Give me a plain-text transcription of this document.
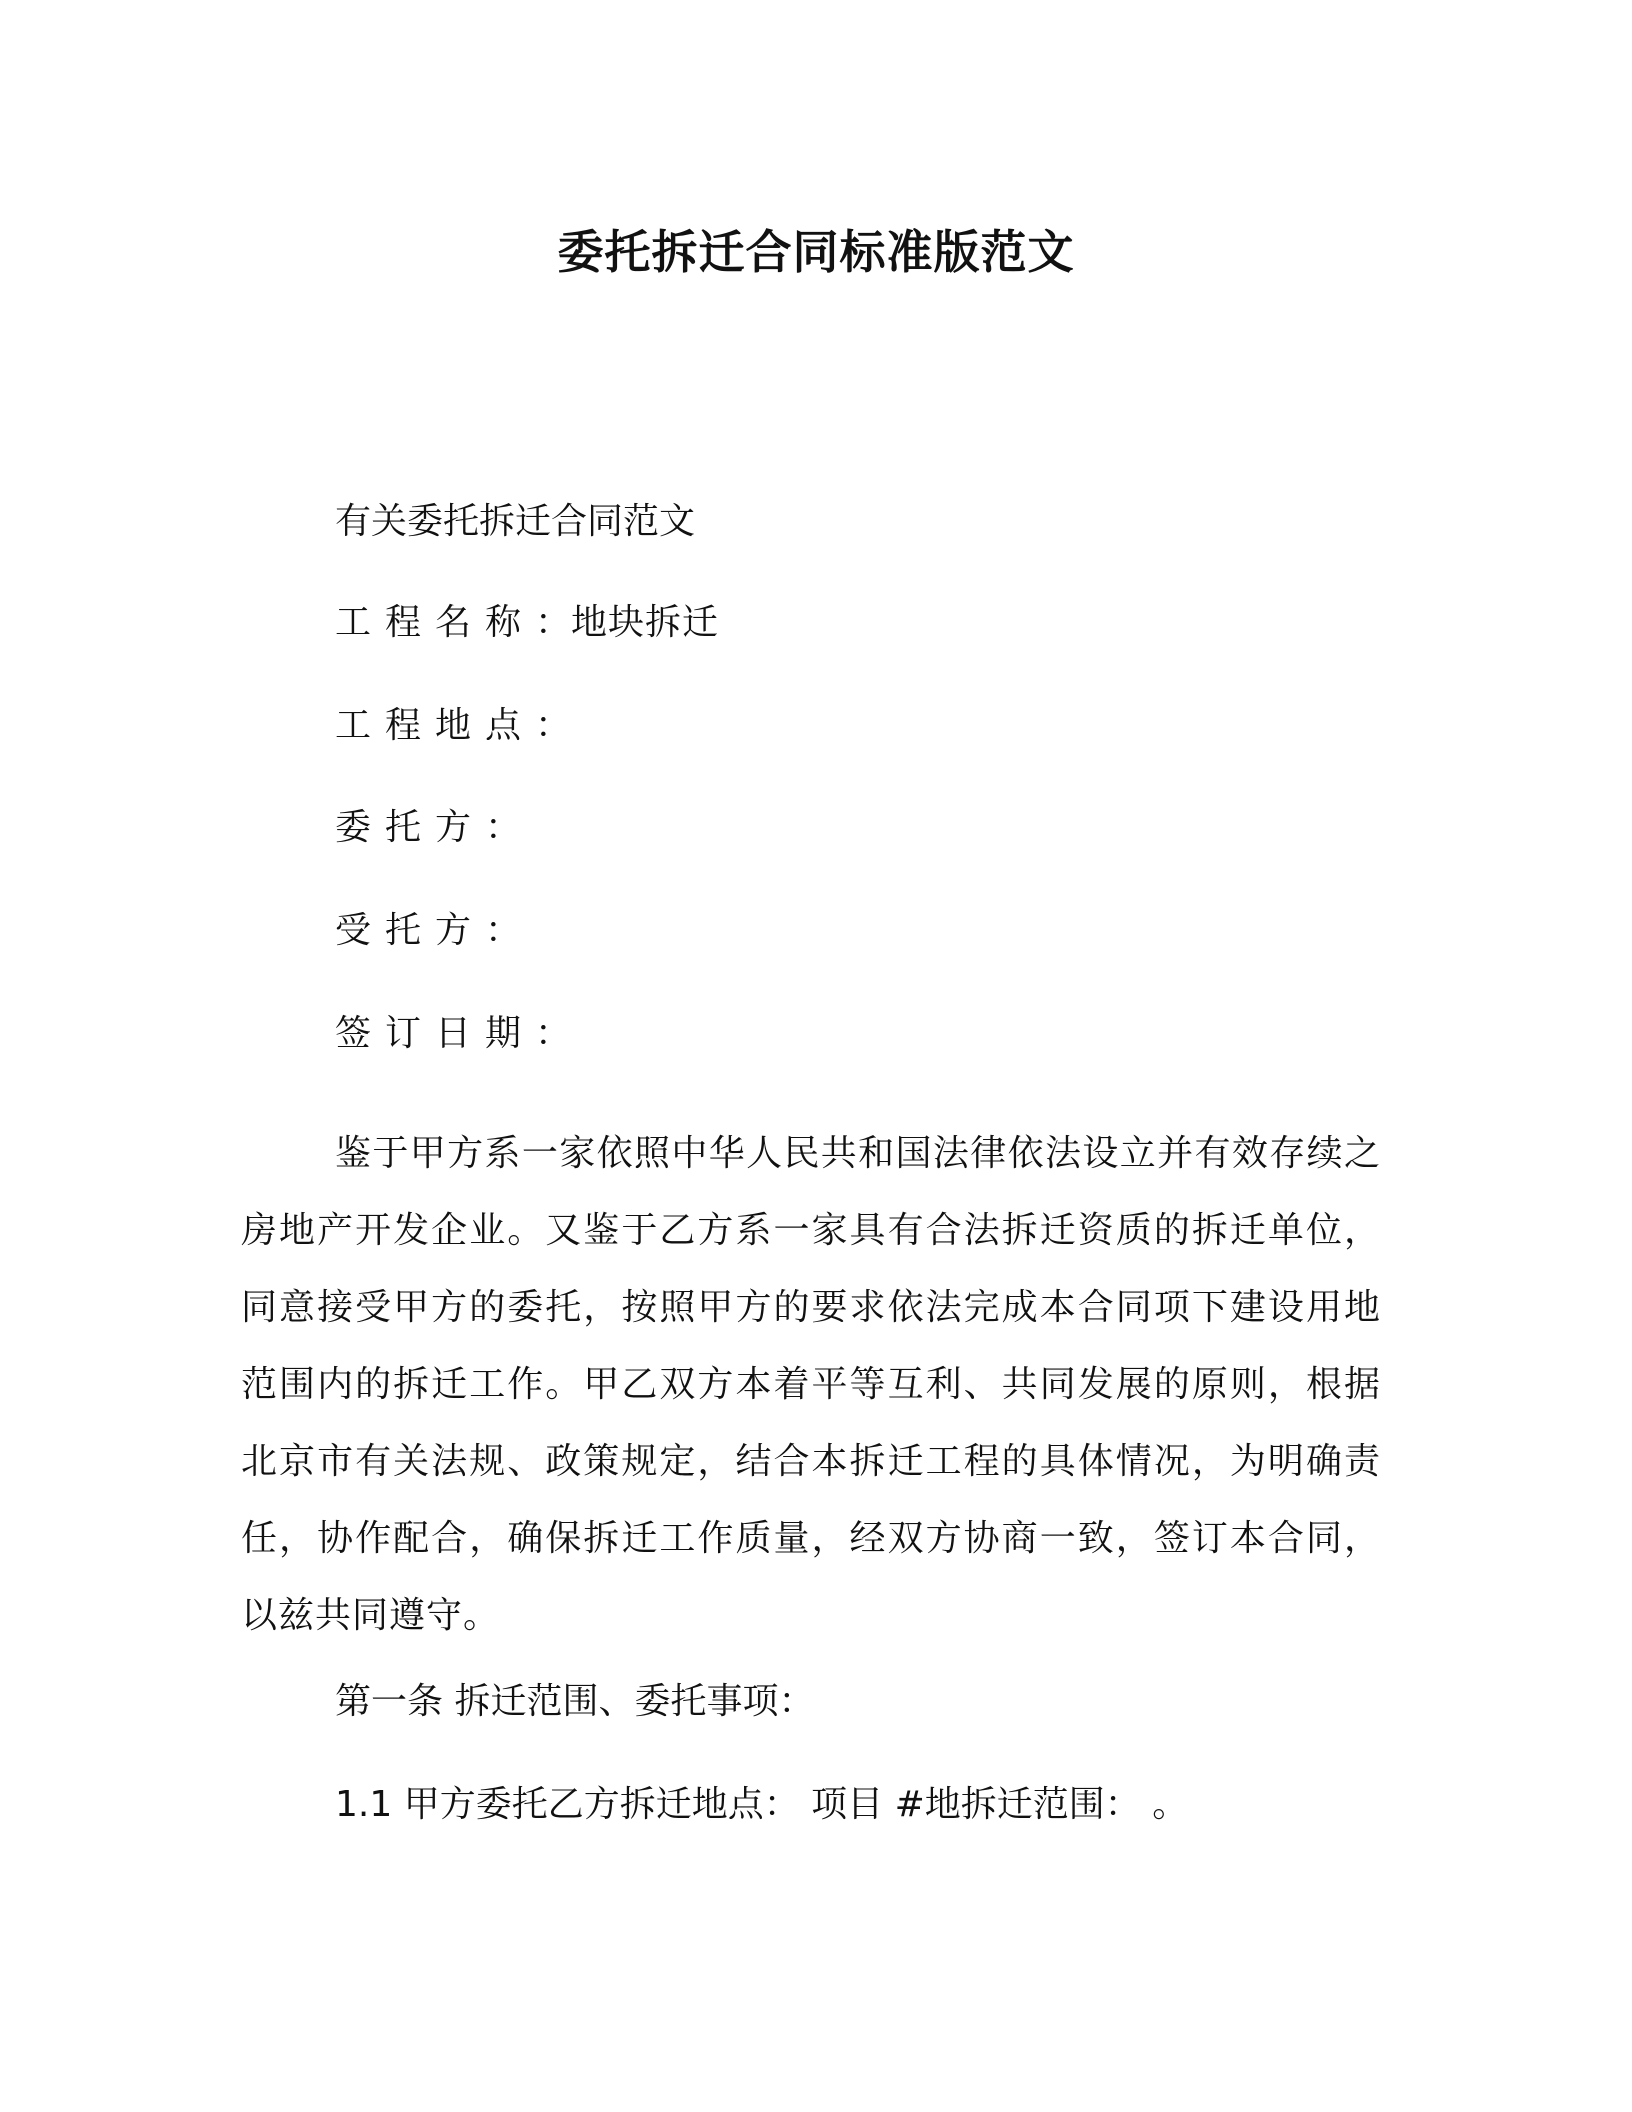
委托拆迁合同标准版范文
有关委托拆迁合同范文
工程名称：地块拆迁
工程地点：
委托方：
受托方：
签订日期：

鉴于甲方系一家依照中华人民共和国法律依法设立并有效存续之房地产开发企业。又鉴于乙方系一家具有合法拆迁资质的拆迁单位，同意接受甲方的委托，按照甲方的要求依法完成本合同项下建设用地范围内的拆迁工作。甲乙双方本着平等互利、共同发展的原则，根据北京市有关法规、政策规定，结合本拆迁工程的具体情况，为明确责任，协作配合，确保拆迁工作质量，经双方协商一致，签订本合同，以兹共同遵守。

第一条 拆迁范围、委托事项：
1.1 甲方委托乙方拆迁地点： 项目 #地拆迁范围： 。
